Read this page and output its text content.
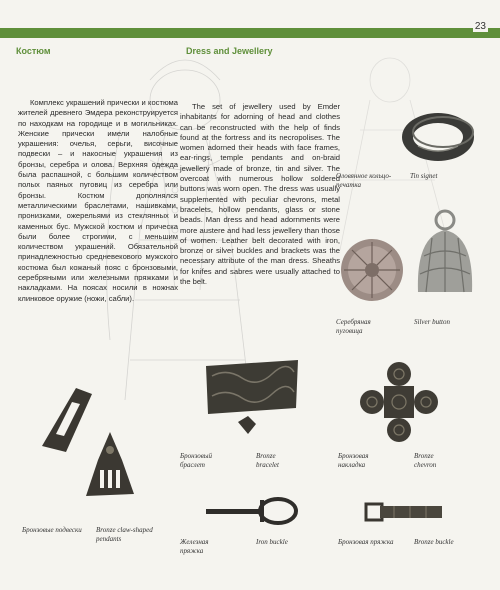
23
Костюм	Dress and Jewellery
Комплекс украшений прически и костюма жителей древнего Эмдера реконструируется по находкам на городище и в могильниках. Женские прически имели налобные украшения: очелья, серьги, височные подвески – и накосные украшения из бронзы, серебра и олова. Верхняя одежда была распашной, с большим количеством полых паяных пуговиц из серебра или бронзы. Костюм дополнялся металлическими браслетами, нашивками, пронизками, ожерельями из стеклянных и каменных бус. Мужской костюм и прическа были более строгими, с меньшим количеством украшений. Обязательной принадлежностью средневекового мужского костюма был кожаный пояс с бронзовыми, серебряными или железными пряжками и накладками. На поясах носили в ножнах клинковое оружие (ножи, сабли).
The set of jewellery used by Emder inhabitants for adorning of head and clothes can be reconstructed with the help of finds found at the fortress and its necropolises. The women adorned their heads with face frames, ear-rings, temple pendants and on-braid jewellery made of bronze, tin and silver. The overcoat with numerous hollow soldered buttons was worn open. The dress was usually supplemented with peculiar chevrons, metal bracelets, hollow pendants, glass or stone beads. Man dress and head adornments were more austere and had less jewellery than those of women. Leather belt decorated with iron, bronze or silver buckles and brackets was the necessary attribute of the man dress. Sheaths for knifes and sabres were usually attached to the belt.
Оловянное кольцо-печатка
Tin signet
Серебряная пуговица
Silver button
Бронзовый браслет
Bronze bracelet
Бронзовая накладка
Bronze chevron
Бронзовые подвески Bronze claw-shaped pendants	Железная пряжка
Iron buckle	Бронзовая пряжка	Bronze buckle
